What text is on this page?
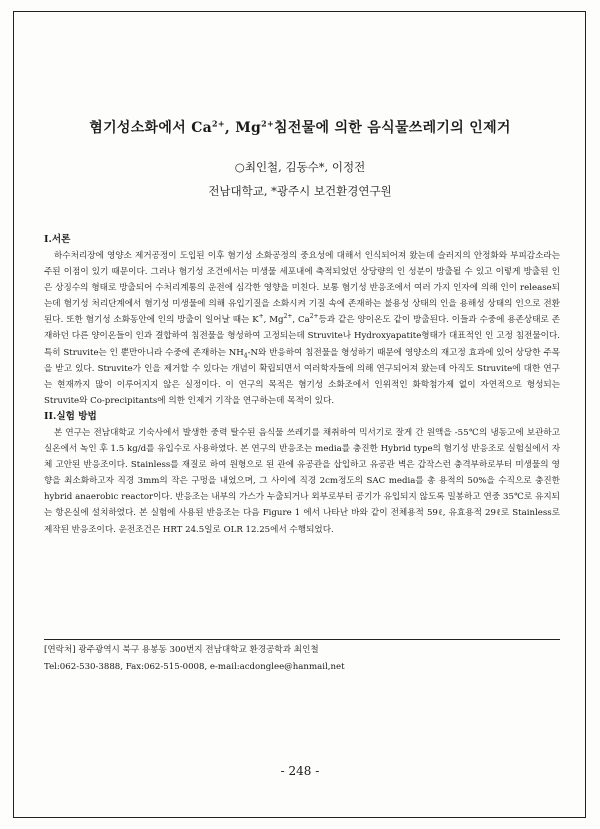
혐기성소화에서 $Ca^{2+}$, $Mg^{2+}$침전물에 의한 음식물쓰레기의 인제거
○최인철, 김동수*, 이정전
전남대학교, *광주시 보건환경연구원
I.서론

하수처리장에 영양소 제거공정이 도입된 이후 혐기성 소화공정의 중요성에 대해서 인식되어져 왔는데 슬러지의 안정화와 부피감소라는 주된 이점이 있기 때문이다. 그러나 혐기성 조건에서는 미생물 세포내에 축적되었던 상당량의 인 성분이 방출될 수 있고 이렇게 방출된 인은 상징수의 형태로 방출되어 수처리계통의 운전에 심각한 영향을 미친다. 보통 혐기성 반응조에서 여러 가지 인자에 의해 인이 release되는데 혐기성 처리단계에서 혐기성 미생물에 의해 유입기질을 소화시켜 기질 속에 존재하는 불용성 상태의 인을 용해성 상태의 인으로 전환된다. 또한 혐기성 소화동안에 인의 방출이 일어날 때는 K+, $Mg^{2+}$, $Ca^{2+}$등과 같은 양이온도 같이 방출된다. 이들과 수중에 용존상태로 존재하던 다른 양이온들이 인과 결합하여 침전물을 형성하여 고정되는데 Struvite나 Hydroxyapatite형태가 대표적인 인 고정 침전물이다. 특히 Struvite는 인 뿐만아니라 수중에 존재하는 $NH_4-N$와 반응하여 침전물을 형성하기 때문에 영양소의 재고정 효과에 있어 상당한 주목을 받고 있다. Struvite가 인을 제거할 수 있다는 개념이 확립되면서 여러학자들에 의해 연구되어져 왔는데 아직도 Struvite에 대한 연구는 현재까지 많이 이루어지지 않은 실정이다. 이 연구의 목적은 혐기성 소화조에서 인위적인 화학첨가제 없이 자연적으로 형성되는 Struvite와 Co-precipitants에 의한 인제거 기작을 연구하는데 목적이 있다.

II.실험 방법

본 연구는 전남대학교 기숙사에서 발생한 중력 탈수된 음식물 쓰레기를 채취하여 믹서기로 잘게 간 원액을 -55℃의 냉동고에 보관하고 실온에서 녹인 후 1.5 kg/d를 유입수로 사용하였다. 본 연구의 반응조는 media를 충진한 Hybrid type의 혐기성 반응조로 실험실에서 자체 고안된 반응조이다. Stainless를 재질로 하여 원형으로 된 관에 유공관을 삽입하고 유공관 벽은 갑작스런 충격부하로부터 미생물의 영향을 최소화하고자 직경 3mm의 작은 구멍을 내었으며, 그 사이에 직경 2cm정도의 SAC media를 총 용적의 50%을 수직으로 충진한 hybrid anaerobic reactor이다. 반응조는 내부의 가스가 누출되거나 외부로부터 공기가 유입되지 않도록 밀봉하고 연중 35℃로 유지되는 항온실에 설치하였다. 본 실험에 사용된 반응조는 다음 Figure 1 에서 나타난 바와 같이 전체용적 59ℓ, 유효용적 29ℓ로 Stainless로 제작된 반응조이다. 운전조건은 HRT 24.5일로 OLR 12.25에서 수행되었다.

[연락처] 광주광역시 북구 용봉동 300번지 전남대학교 환경공학과 최인철
Tel:062-530-3888, Fax:062-515-0008, e-mail:acdonglee@hanmail,net
- 248 -
